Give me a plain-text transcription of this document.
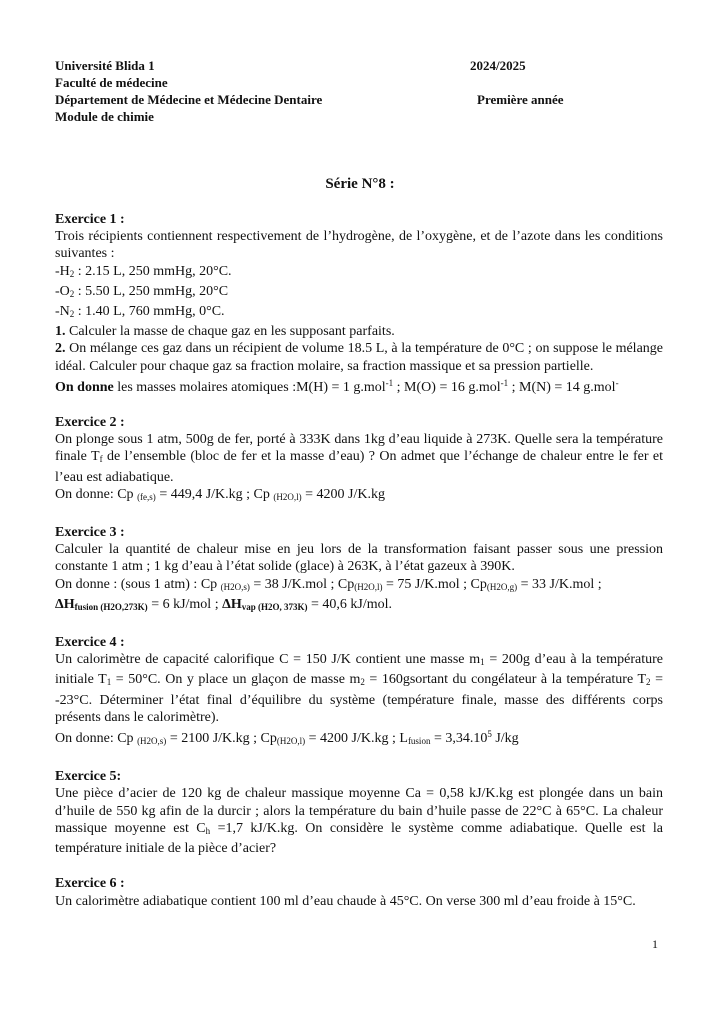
Université Blida 1	2024/2025
Faculté de médecine
Département de Médecine et Médecine Dentaire	Première année
Module de chimie
Série N°8 :
Exercice 1 :

Trois récipients contiennent respectivement de l’hydrogène, de l’oxygène, et de l’azote dans les conditions suivantes :

$-H_2$ : 2.15 L, 250 mmHg, 20°C.

$-O_2$ : 5.50 L, 250 mmHg, 20°C

$-N_2$ : 1.40 L, 760 mmHg, 0°C.

1. Calculer la masse de chaque gaz en les supposant parfaits.

2. On mélange ces gaz dans un récipient de volume 18.5 L, à la température de 0°C ; on suppose le mélange idéal. Calculer pour chaque gaz sa fraction molaire, sa fraction massique et sa pression partielle.

On donne les masses molaires atomiques :M(H) = 1 g.mol$^{-1}$ ; M(O) = 16 g.mol$^{-1}$ ; M(N) = 14 g.mol-

Exercice 2 :

On plonge sous 1 atm, 500g de fer, porté à 333K dans 1kg d’eau liquide à 273K. Quelle sera la température finale $T_f$ de l’ensemble (bloc de fer et la masse d’eau) ? On admet que l’échange de chaleur entre le fer et l’eau est adiabatique.

On donne: Cp $_{(fe,s)}$ = 449,4 J/K.kg ; Cp $_{(H2O,l)}$ = 4200 J/K.kg

Exercice 3 :

Calculer la quantité de chaleur mise en jeu lors de la transformation faisant passer sous une pression constante 1 atm ; 1 kg d’eau à l’état solide (glace) à 263K, à l’état gazeux à 390K.

On donne : (sous 1 atm) : Cp $_{(H2O,s)}$ = 38 J/K.mol ; $Cp_{(H2O,l)} = 75$ J/K.mol ; $Cp_{(H2O,g)} = 33$ J/K.mol ;
$\Delta H_{fusion (H2O,273K)} = 6$ kJ/mol ; $\Delta H_{vap (H2O, 373K)} = 40,6$ kJ/mol.

Exercice 4 :

Un calorimètre de capacité calorifique C = 150 J/K contient une masse $m_1 = 200g$ d’eau à la température initiale $T_1 = 50^\circ C$. On y place un glaçon de masse $m_2$ = 160gsortant du congélateur à la température $T_2 = -23^\circ C$. Déterminer l’état final d’équilibre du système (température finale, masse des différents corps présents dans le calorimètre).

On donne: Cp $_{(H2O,s)}$ = 2100 J/K.kg ; $Cp_{(H2O,l)} = 4200$ J/K.kg ; $L_{fusion} = 3,34.10^5$ J/kg

Exercice 5:

Une pièce d’acier de 120 kg de chaleur massique moyenne Ca = 0,58 kJ/K.kg est plongée dans un bain d’huile de 550 kg afin de la durcir ; alors la température du bain d’huile passe de 22°C à 65°C. La chaleur massique moyenne est $C_h =1,7$ kJ/K.kg. On considère le système comme adiabatique. Quelle est la température initiale de la pièce d’acier?

Exercice 6 :

Un calorimètre adiabatique contient 100 ml d’eau chaude à 45°C. On verse 300 ml d’eau froide à 15°C.

1
